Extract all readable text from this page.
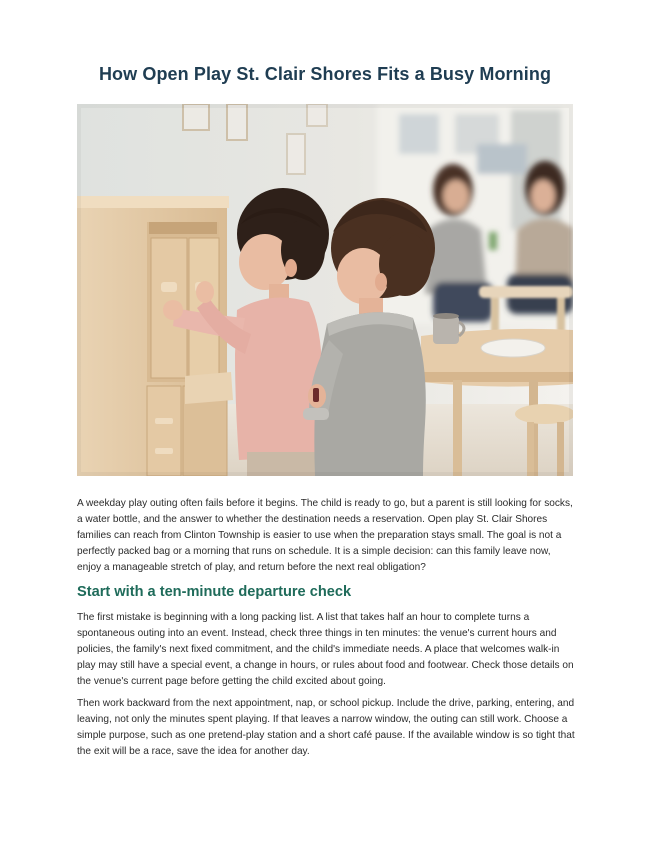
How Open Play St. Clair Shores Fits a Busy Morning

A weekday play outing often fails before it begins. The child is ready to go, but a parent is still looking for socks, a water bottle, and the answer to whether the destination needs a reservation. Open play St. Clair Shores families can reach from Clinton Township is easier to use when the preparation stays small. The goal is not a perfectly packed bag or a morning that runs on schedule. It is a simple decision: can this family leave now, enjoy a manageable stretch of play, and return before the next real obligation?

Start with a ten-minute departure check

The first mistake is beginning with a long packing list. A list that takes half an hour to complete turns a spontaneous outing into an event. Instead, check three things in ten minutes: the venue's current hours and policies, the family's next fixed commitment, and the child's immediate needs. A place that welcomes walk-in play may still have a special event, a change in hours, or rules about food and footwear. Check those details on the venue's current page before getting the child excited about going.

Then work backward from the next appointment, nap, or school pickup. Include the drive, parking, entering, and leaving, not only the minutes spent playing. If that leaves a narrow window, the outing can still work. Choose a simple purpose, such as one pretend-play station and a short café pause. If the available window is so tight that the exit will be a race, save the idea for another day.
